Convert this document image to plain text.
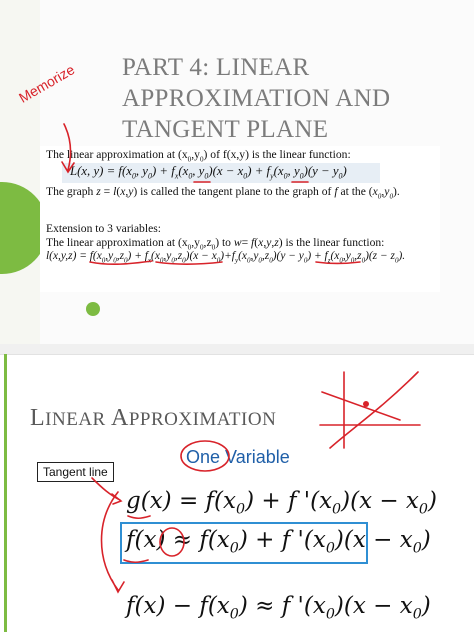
PART 4: LINEAR
APPROXIMATION AND
TANGENT PLANE
The linear approximation at $(x_0,y_0)$ of f(x,y) is the linear function:
L(x, $y) = f(x_0$, $y_0) + f_x(x_0$, $y_0)(x - x_0) + f_y(x_0$, $y_0)(y - y_0)$
The graph z = l(x,y) is called the tangent plane to the graph of f at the $(x_0,y_0)$.
Extension to 3 variables:
The linear approximation at $(x_0,y_0,z_0)$ to w= f(x,y,z) is the linear function:
$l(x,y,z) = f(x_0,y_0,z_0) + f_x(x_0,y_0,z_0)(x - x_0)+f_y(x_0,y_0,z_0)(y - y_0) + f_z(x_0,y_0,z_0)(z - z_0)$.
Memorize
LINEAR APPROXIMATION
One Variable
Tangent line
$g(x) = f(x_0) + f$ '$(x_0)(x - x_0)$
$f(x) \approx f(x_0) + f$ '$(x_0)(x - x_0)$
$f(x) - f(x_0) \approx f$ '$(x_0)(x - x_0)$
